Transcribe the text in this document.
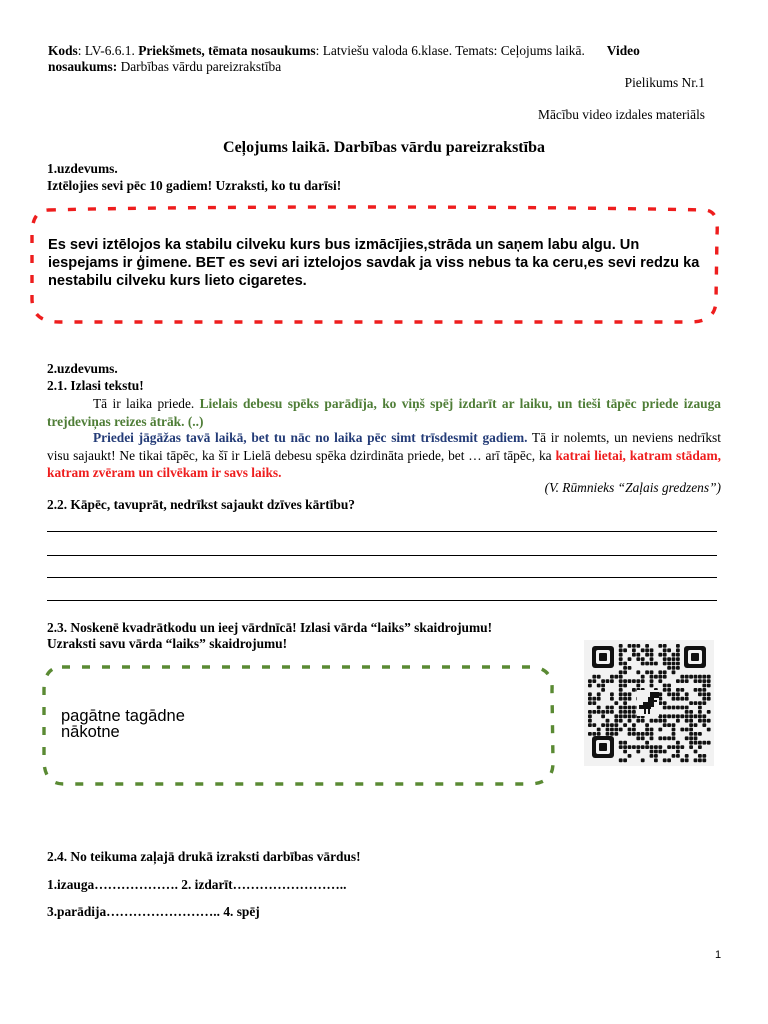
Kods: LV-6.6.1. Priekšmets, tēmata nosaukums: Latviešu valoda 6.klase. Temats: Ceļojums laikā. Video
nosaukums: Darbības vārdu pareizrakstība
Pielikums Nr.1
Mācību video izdales materiāls
Ceļojums laikā. Darbības vārdu pareizrakstība
1.uzdevums.
Iztēlojies sevi pēc 10 gadiem! Uzraksti, ko tu darīsi!
Es sevi iztēlojos ka stabilu cilveku kurs bus izmācījies,strāda un saņem labu algu. Un iespejams ir ģimene. BET es sevi ari iztelojos savdak ja viss nebus ta ka ceru,es sevi redzu ka nestabilu cilveku kurs lieto cigaretes.
2.uzdevums.
2.1. Izlasi tekstu!
Tā ir laika priede. Lielais debesu spēks parādīja, ko viņš spēj izdarīt ar laiku, un tieši tāpēc priede izauga trejdeviņas reizes ātrāk. (..)
Priedei jāgāžas tavā laikā, bet tu nāc no laika pēc simt trīsdesmit gadiem. Tā ir nolemts, un neviens nedrīkst visu sajaukt! Ne tikai tāpēc, ka šī ir Lielā debesu spēka dzirdināta priede, bet … arī tāpēc, ka katrai lietai, katram stādam, katram zvēram un cilvēkam ir savs laiks.
(V. Rūmnieks “Zaļais gredzens”)
2.2. Kāpēc, tavuprāt, nedrīkst sajaukt dzīves kārtību?
2.3. Noskenē kvadrātkodu un ieej vārdnīcā! Izlasi vārda “laiks” skaidrojumu!
Uzraksti savu vārda “laiks” skaidrojumu!
pagātne tagādne
nākotne
2.4. No teikuma zaļajā drukā izraksti darbības vārdus!
1.izauga………………. 2. izdarīt……………………..
3.parādija…………………….. 4. spēj
1
